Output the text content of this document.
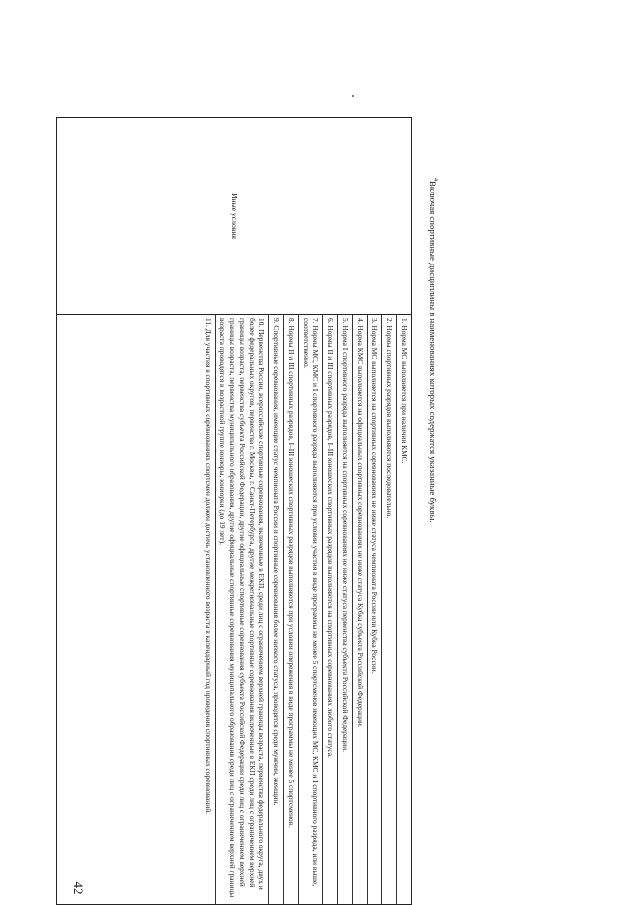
42
Иные условия
1. Норма МС выполняется при наличии КМС.
2. Нормы спортивных разрядов выполняются последовательно.
3. Норма МС выполняется на спортивных соревнованиях не ниже статуса чемпионата России или Кубка России.
4. Норма КМС выполняется на официальных спортивных соревнованиях не ниже статуса Кубка субъекта Российской Федерации.
5. Норма I спортивного разряда выполняется на спортивных соревнованиях не ниже статуса первенства субъекта Российской Федерации.
6. Нормы II и III спортивных разрядов, I–III юношеских спортивных разрядов выполняются на спортивных соревнованиях любого статуса.
7. Нормы МС, КМС и I спортивного разряда выполняются при условии участия в виде программы не менее 5 спортсменов имеющих МС, КМС и I спортивного разряда, или выше, соответственно.
8. Нормы II и III спортивных разрядов, I–III юношеских спортивных разрядов выполняются при условии опережения в виде программы не менее 5 спортсменов.
9. Спортивные соревнования, имеющие статус чемпионата России и спортивные соревнования более низкого статуса, проводятся среди мужчин, женщин.
10. Первенства России, всероссийские спортивные соревнования, включенные в ЕКП, среди лиц с ограничением верхней границы возраста, первенства федерального округа, двух и более федеральных округов, первенства г. Москвы, г. Санкт-Петербурга, другие межрегиональные спортивные соревнования включенные в ЕКП среди лиц с ограничением верхней границы возраста, первенства субъекта Российской Федерации, другие официальные спортивные соревнования субъекта Российской Федерации среди лиц с ограничением верхней границы возраста, первенства муниципального образования, другие официальные спортивные соревнования муниципального образования среди лиц с ограничением верхней границы возраста проводятся в возрастной группе юниоры, юниорки (до 19 лет).
11. Для участия в спортивных соревнованиях спортсмен должен достичь установленного возраста в календарный год проведения спортивных соревнований.
$^4$Включая спортивные дисциплины в наименованиях которых содержатся указанные буквы.
